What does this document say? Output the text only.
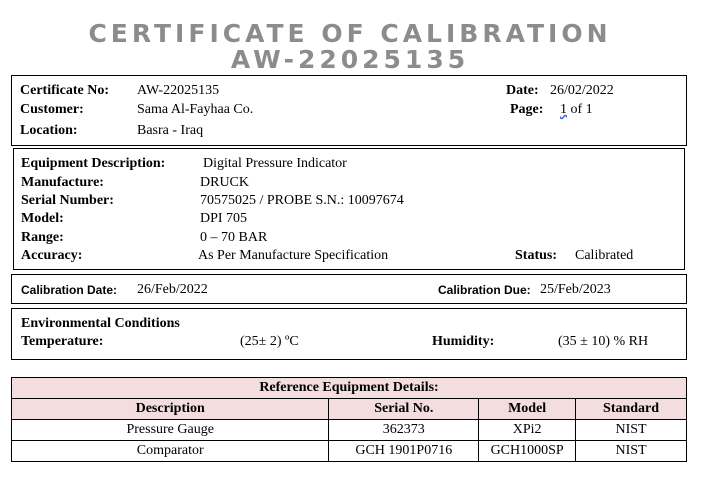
CERTIFICATE OF CALIBRATION
AW-22025135
Certificate No: AW-22025135
Customer:	Sama Al-Fayhaa Co.
Location:	Basra - Iraq
Date: 26/02/2022
Page: 1 of 1
Equipment Description:	Digital Pressure Indicator
Manufacture:	DRUCK
Serial Number:	70575025 / PROBE S.N.: 10097674
Model:	DPI 705
Range:	0 – 70 BAR
Accuracy:	As Per Manufacture Specification	Status: Calibrated
Calibration Date: 26/Feb/2022	Calibration Due: 25/Feb/2023
Environmental Conditions
Temperature:	(25± 2) ºC	Humidity:	(35 ± 10) % RH
Reference Equipment Details:			
Description	Serial No.	Model	Standard
Pressure Gauge	362373	XPi2	NIST
Comparator	GCH 1901P0716	GCH1000SP	NIST
